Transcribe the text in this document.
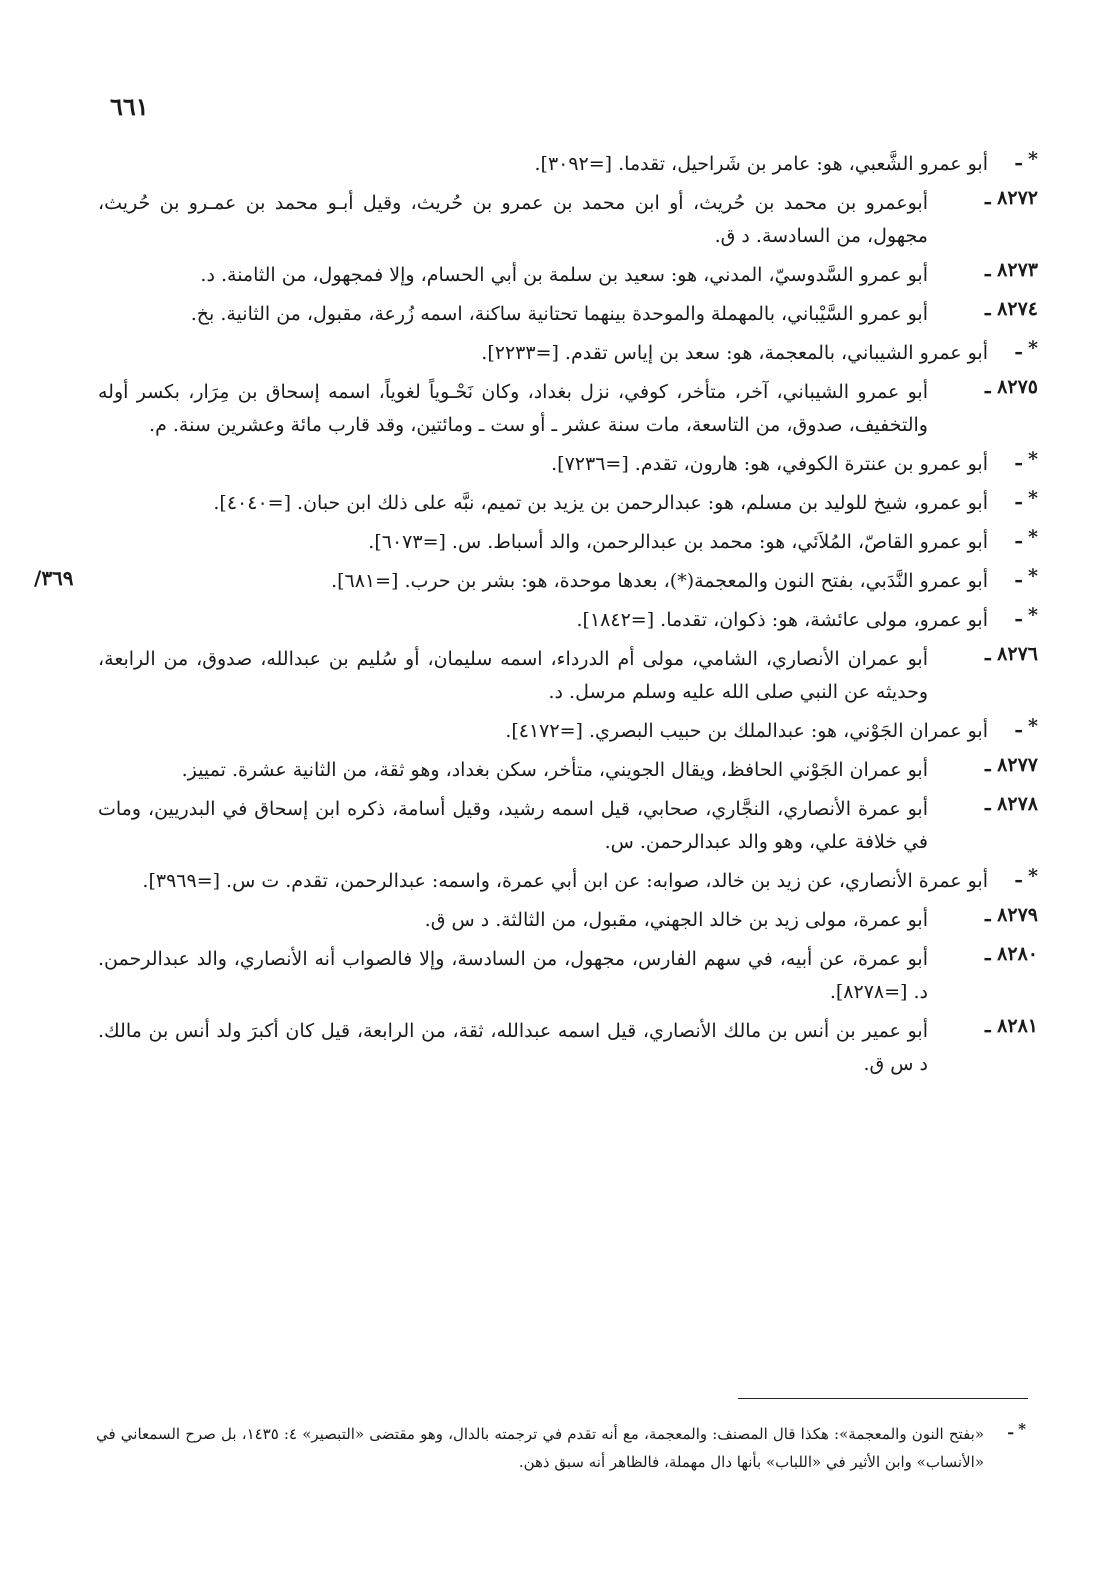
٦٦١
/٣٦٩
* ـ
أبو عمرو الشَّعبي، هو: عامر بن شَراحيل، تقدما. [=٣٠٩٢].
٨٢٧٢ ـ
أبوعمرو بن محمد بن حُريث، أو ابن محمد بن عمرو بن حُريث، وقيل أبـو محمد بن عمـرو بن حُريث، مجهول، من السادسة. د ق.
٨٢٧٣ ـ
أبو عمرو السَّدوسيّ، المدني، هو: سعيد بن سلمة بن أبي الحسام، وإلا فمجهول، من الثامنة. د.
٨٢٧٤ ـ
أبو عمرو السَّيْباني، بالمهملة والموحدة بينهما تحتانية ساكنة، اسمه زُرعة، مقبول، من الثانية. بخ.
* ـ
أبو عمرو الشيباني، بالمعجمة، هو: سعد بن إياس تقدم. [=٢٢٣٣].
٨٢٧٥ ـ
أبو عمرو الشيباني، آخر، متأخر، كوفي، نزل بغداد، وكان نَحْـوياً لغوياً، اسمه إسحاق بن مِرَار، بكسر أوله والتخفيف، صدوق، من التاسعة، مات سنة عشر ـ أو ست ـ ومائتين، وقد قارب مائة وعشرين سنة. م.
* ـ
أبو عمرو بن عنترة الكوفي، هو: هارون، تقدم. [=٧٢٣٦].
* ـ
أبو عمرو، شيخ للوليد بن مسلم، هو: عبدالرحمن بن يزيد بن تميم، نبَّه على ذلك ابن حبان. [=٤٠٤٠].
* ـ
أبو عمرو القاصّ، المُلاَئي، هو: محمد بن عبدالرحمن، والد أسباط. س. [=٦٠٧٣].
* ـ
أبو عمرو النَّدَبي، بفتح النون والمعجمة(*)، بعدها موحدة، هو: بشر بن حرب. [=٦٨١].
* ـ
أبو عمرو، مولى عائشة، هو: ذكوان، تقدما. [=١٨٤٢].
٨٢٧٦ ـ
أبو عمران الأنصاري، الشامي، مولى أم الدرداء، اسمه سليمان، أو سُليم بن عبدالله، صدوق، من الرابعة، وحديثه عن النبي صلى الله عليه وسلم مرسل. د.
* ـ
أبو عمران الجَوْني، هو: عبدالملك بن حبيب البصري. [=٤١٧٢].
٨٢٧٧ ـ
أبو عمران الجَوْني الحافظ، ويقال الجويني، متأخر، سكن بغداد، وهو ثقة، من الثانية عشرة. تمييز.
٨٢٧٨ ـ
أبو عمرة الأنصاري، النجَّاري، صحابي، قيل اسمه رشيد، وقيل أسامة، ذكره ابن إسحاق في البدريين، ومات في خلافة علي، وهو والد عبدالرحمن. س.
* ـ
أبو عمرة الأنصاري، عن زيد بن خالد، صوابه: عن ابن أبي عمرة، واسمه: عبدالرحمن، تقدم. ت س. [=٣٩٦٩].
٨٢٧٩ ـ
أبو عمرة، مولى زيد بن خالد الجهني، مقبول، من الثالثة. د س ق.
٨٢٨٠ ـ
أبو عمرة، عن أبيه، في سهم الفارس، مجهول، من السادسة، وإلا فالصواب أنه الأنصاري، والد عبدالرحمن. د. [=٨٢٧٨].
٨٢٨١ ـ
أبو عمير بن أنس بن مالك الأنصاري، قيل اسمه عبدالله، ثقة، من الرابعة، قيل كان أكبرَ ولد أنس بن مالك. د س ق.
* ـ
«بفتح النون والمعجمة»: هكذا قال المصنف: والمعجمة، مع أنه تقدم في ترجمته بالدال، وهو مقتضى «التبصير» ٤: ١٤٣٥، بل صرح السمعاني في «الأنساب» وابن الأثير في «اللباب» بأنها دال مهملة، فالظاهر أنه سبق ذهن.
